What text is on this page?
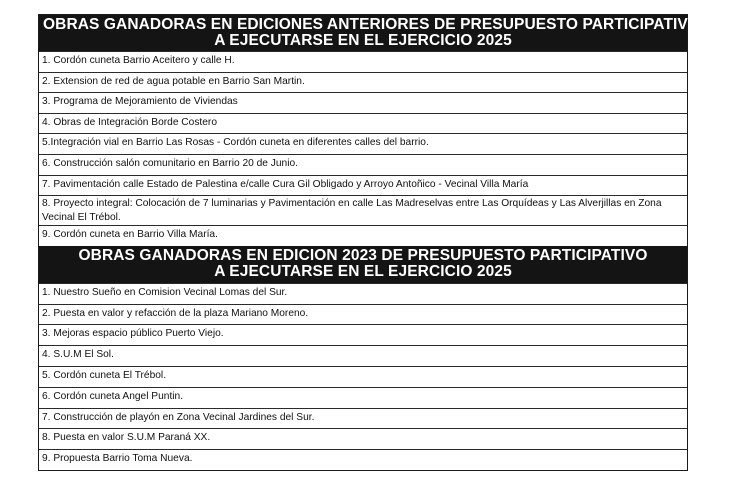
OBRAS GANADORAS EN EDICIONES ANTERIORES DE PRESUPUESTO PARTICIPATIVO
A EJECUTARSE EN EL EJERCICIO 2025
1. Cordón cuneta Barrio Aceitero y calle H.
2. Extension de red de agua potable en Barrio San Martin.
3. Programa de Mejoramiento de Viviendas
4. Obras de Integración Borde Costero
5.Integración vial en Barrio Las Rosas - Cordón cuneta en diferentes calles del barrio.
6. Construcción salón comunitario en Barrio 20 de Junio.
7. Pavimentación calle Estado de Palestina e/calle Cura Gil Obligado y Arroyo Antoñico - Vecinal Villa María
8. Proyecto integral: Colocación de 7 luminarias y Pavimentación en calle Las Madreselvas entre Las Orquídeas y Las Alverjillas en Zona Vecinal El Trébol.
9. Cordón cuneta en Barrio Villa María.
OBRAS GANADORAS EN EDICION 2023 DE PRESUPUESTO PARTICIPATIVO
A EJECUTARSE EN EL EJERCICIO 2025
1. Nuestro Sueño en Comision Vecinal Lomas del Sur.
2. Puesta en valor y refacción de la plaza Mariano Moreno.
3. Mejoras espacio público Puerto Viejo.
4. S.U.M El Sol.
5. Cordón cuneta El Trébol.
6. Cordón cuneta Angel Puntin.
7. Construcción de playón en Zona Vecinal Jardines del Sur.
8. Puesta en valor S.U.M Paraná XX.
9. Propuesta Barrio Toma Nueva.
